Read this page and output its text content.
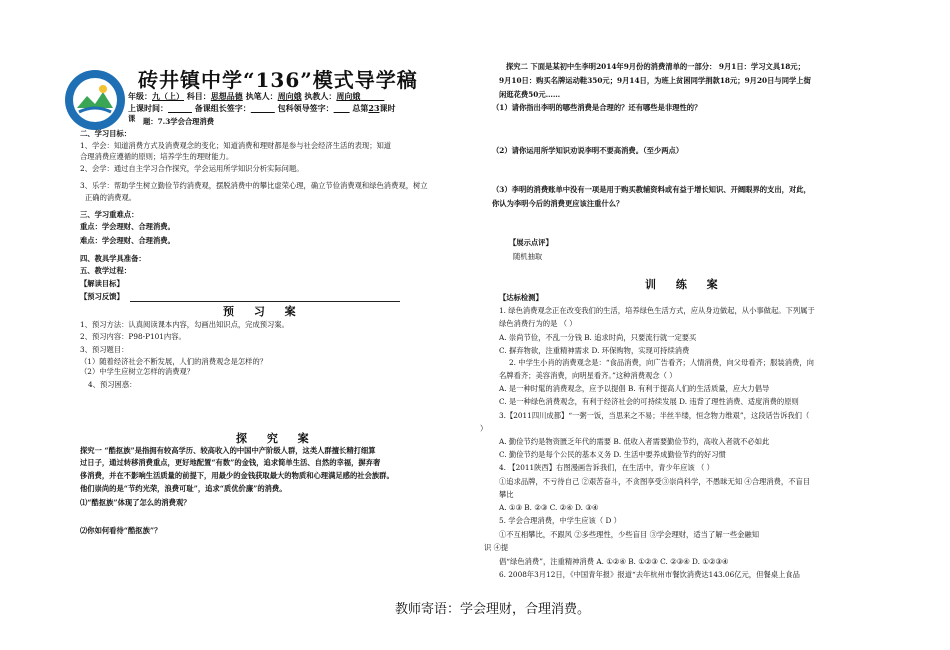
砖井镇中学“136”模式导学稿
年级：九（上） 科目：思想品德 执笔人：周向娥 执教人：周向娥   
上课时间：   	备课组长签字：   	包科领导签字：   总第23课时
课 题：7.3学会合理消费
二、学习目标：
1、学会：知道消费方式及消费观念的变化；知道消费和理财都是参与社会经济生活的表现；知道
合理消费应遵循的原则；培养学生的理财能力。
2、会学：通过自主学习合作探究，学会运用所学知识分析实际问题。
3、乐学：帮助学生树立勤俭节约消费观，摆脱消费中的攀比虚荣心理，确立节俭消费观和绿色消费观，树立
正确的消费观。
三、学习重难点：
重点：学会理财、合理消费。
难点：学会理财、合理消费。
四、教具学具准备：
五、教学过程：
【解读目标】
【预习反馈】
预 习 案
1、预习方法：认真阅读课本内容，勾画出知识点，完成预习案。
2、预习内容：P98-P101内容。
3、预习题目：
（1）随着经济社会不断发展，人们的消费观念是怎样的？
（2）中学生应树立怎样的消费观？
4、预习困惑：
探 究 案
探究一 “酷抠族”是指拥有较高学历、较高收入的中国中产阶级人群，这类人群擅长精打细算
过日子，通过转移消费重点，更好地配置“有数”的金钱，追求简单生活、自然的幸福，摒弃奢
侈消费，并在不影响生活质量的前提下，用最少的金钱获取最大的物质和心理满足感的社会族群。
他们崇尚的是“节约光荣，浪费可耻”，追求“质优价廉”的消费。
⑴“酷抠族”体现了怎么的消费观？
⑵你如何看待“酷抠族”？
探究二 下面是某初中生李明2014年9月份的消费清单的一部分： 9月1日：学习文具18元；
9月10日：购买名牌运动鞋350元；9月14日，为班上贫困同学捐款18元；9月20日与同学上街
闲逛花费50元……
（1）请你指出李明的哪些消费是合理的？还有哪些是非理性的？
（2）请你运用所学知识劝说李明不要高消费。（至少两点）
（3）李明的消费账单中没有一项是用于购买教辅资料或有益于增长知识、开阔眼界的支出，对此，
你认为李明今后的消费更应该注重什么？
【展示点评】
随机抽取
训 练 案
【达标检测】
1. 绿色消费观念正在改变我们的生活，培养绿色生活方式，应从身边做起，从小事做起。下列属于
绿色消费行为的是 （ ）
A. 崇尚节俭，不乱一分钱 B. 追求时尚，只要流行就一定要买
C. 摒弃物欲，注重精神需求 D. 环保购物，实现可持续消费
2. 中学生小肖的消费观念是：“食品消费，向广告看齐；人情消费，向父母看齐；服装消费，向
名牌看齐；美容消费，向明星看齐。”这种消费观念（ ）
A. 是一种时髦的消费观念，应予以提倡 B. 有利于提高人们的生活质量，应大力倡导
C. 是一种绿色消费观念，有利于经济社会的可持续发展 D. 违背了理性消费、适度消费的原则
3.【2011四川成都】“一粥一饭，当思来之不易；半丝半缕，恒念物力维艰”，这段话告诉我们（
）
A. 勤俭节约是物资匮乏年代的需要 B. 低收入者需要勤俭节约，高收入者就不必如此
C. 勤俭节约是每个公民的基本义务 D. 生活中要养成勤俭节约的好习惯
4. 【2011陕西】右图漫画告诉我们，在生活中，青少年应该 （ ）
①追求品牌，不亏待自己 ②艰苦奋斗，不贪图享受③崇尚科学，不愚昧无知 ④合理消费，不盲目
攀比
A. ①③ B. ②③ C. ②④ D. ③④
5. 学会合理消费，中学生应该（ D ）
①不互相攀比，不跟风 ②多些理性，少些盲目 ③学会理财，适当了解一些金融知
识 ④提
倡“绿色消费”，注重精神消费 A. ①②④ B. ①②③ C. ②③④ D. ①②③④
6. 2008年3月12日，《中国青年报》报道“去年杭州市餐饮消费达143.06亿元，但餐桌上食品
教师寄语：学会理财，合理消费。
